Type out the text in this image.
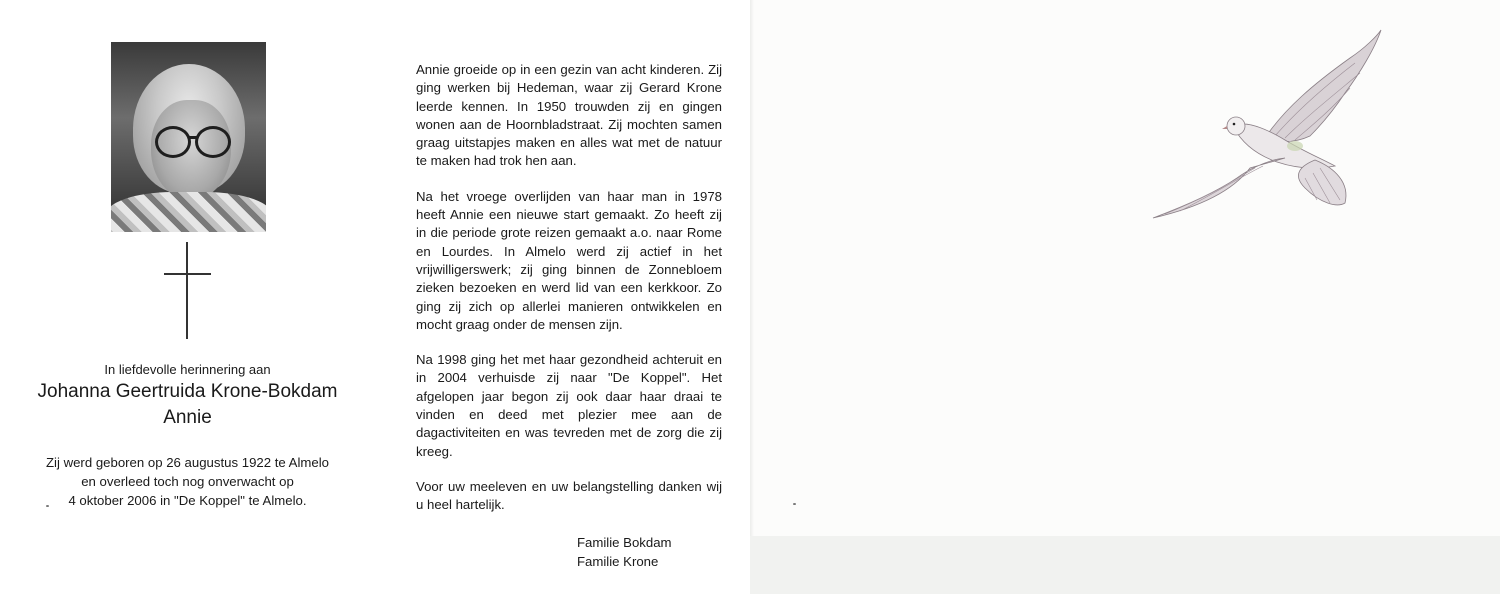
In liefdevolle herinnering aan
Johanna Geertruida Krone-Bokdam
Annie
Zij werd geboren op 26 augustus 1922 te Almelo
en overleed toch nog onverwacht op
4 oktober 2006 in "De Koppel" te Almelo.

Annie groeide op in een gezin van acht kinderen. Zij ging werken bij Hedeman, waar zij Gerard Krone leerde kennen. In 1950 trouwden zij en gingen wonen aan de Hoornbladstraat. Zij mochten samen graag uitstapjes maken en alles wat met de natuur te maken had trok hen aan.

Na het vroege overlijden van haar man in 1978 heeft Annie een nieuwe start gemaakt. Zo heeft zij in die periode grote reizen gemaakt a.o. naar Rome en Lourdes. In Almelo werd zij actief in het vrijwilligerswerk; zij ging binnen de Zonnebloem zieken bezoeken en werd lid van een kerkkoor. Zo ging zij zich op allerlei manieren ontwikkelen en mocht graag onder de mensen zijn.

Na 1998 ging het met haar gezondheid achteruit en in 2004 verhuisde zij naar "De Koppel". Het afgelopen jaar begon zij ook daar haar draai te vinden en deed met plezier mee aan de dagactiviteiten en was tevreden met de zorg die zij kreeg.

Voor uw meeleven en uw belangstelling danken wij u heel hartelijk.

Familie Bokdam
Familie Krone
